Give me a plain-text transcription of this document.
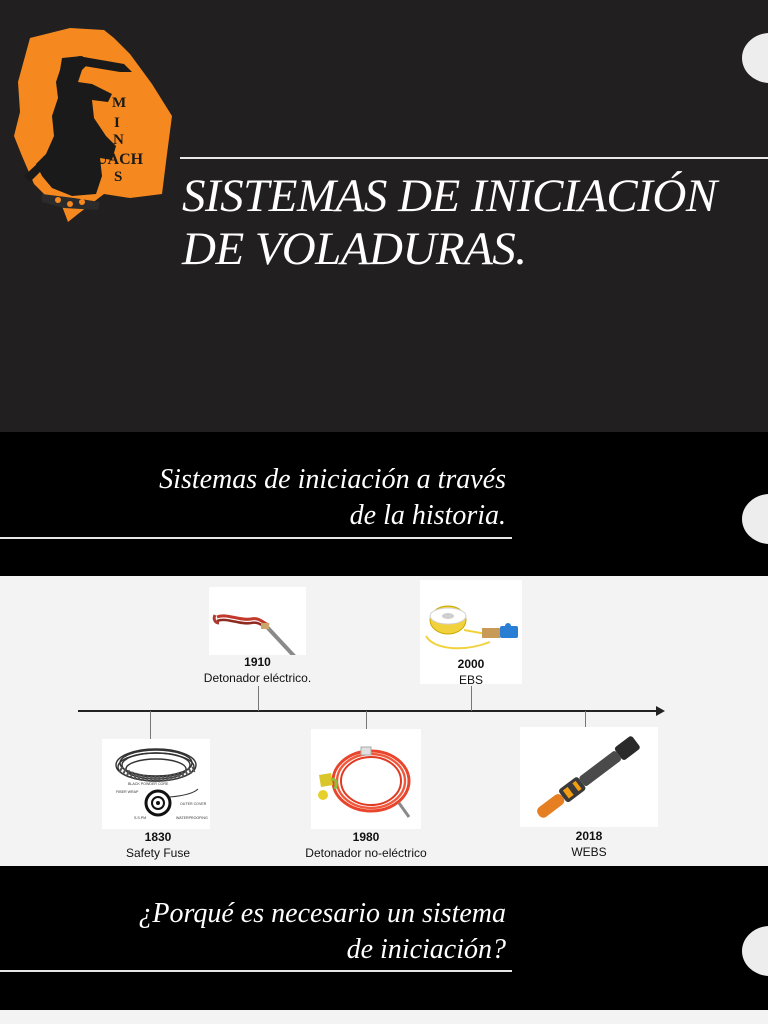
M
I
N
UACH
S SISTEMAS DE INICIACIÓN DE VOLADURAS.

Sistemas de iniciación a través
de la historia.

1910
Detonador eléctrico.
2000
EBS
BLACK POWDER CORE
FIBER WRAP
OUTER COVER
WATERPROOFING
S.S.PM
1830
Safety Fuse
1980
Detonador no-eléctrico
2018
WEBS

¿Porqué es necesario un sistema
de iniciación?
